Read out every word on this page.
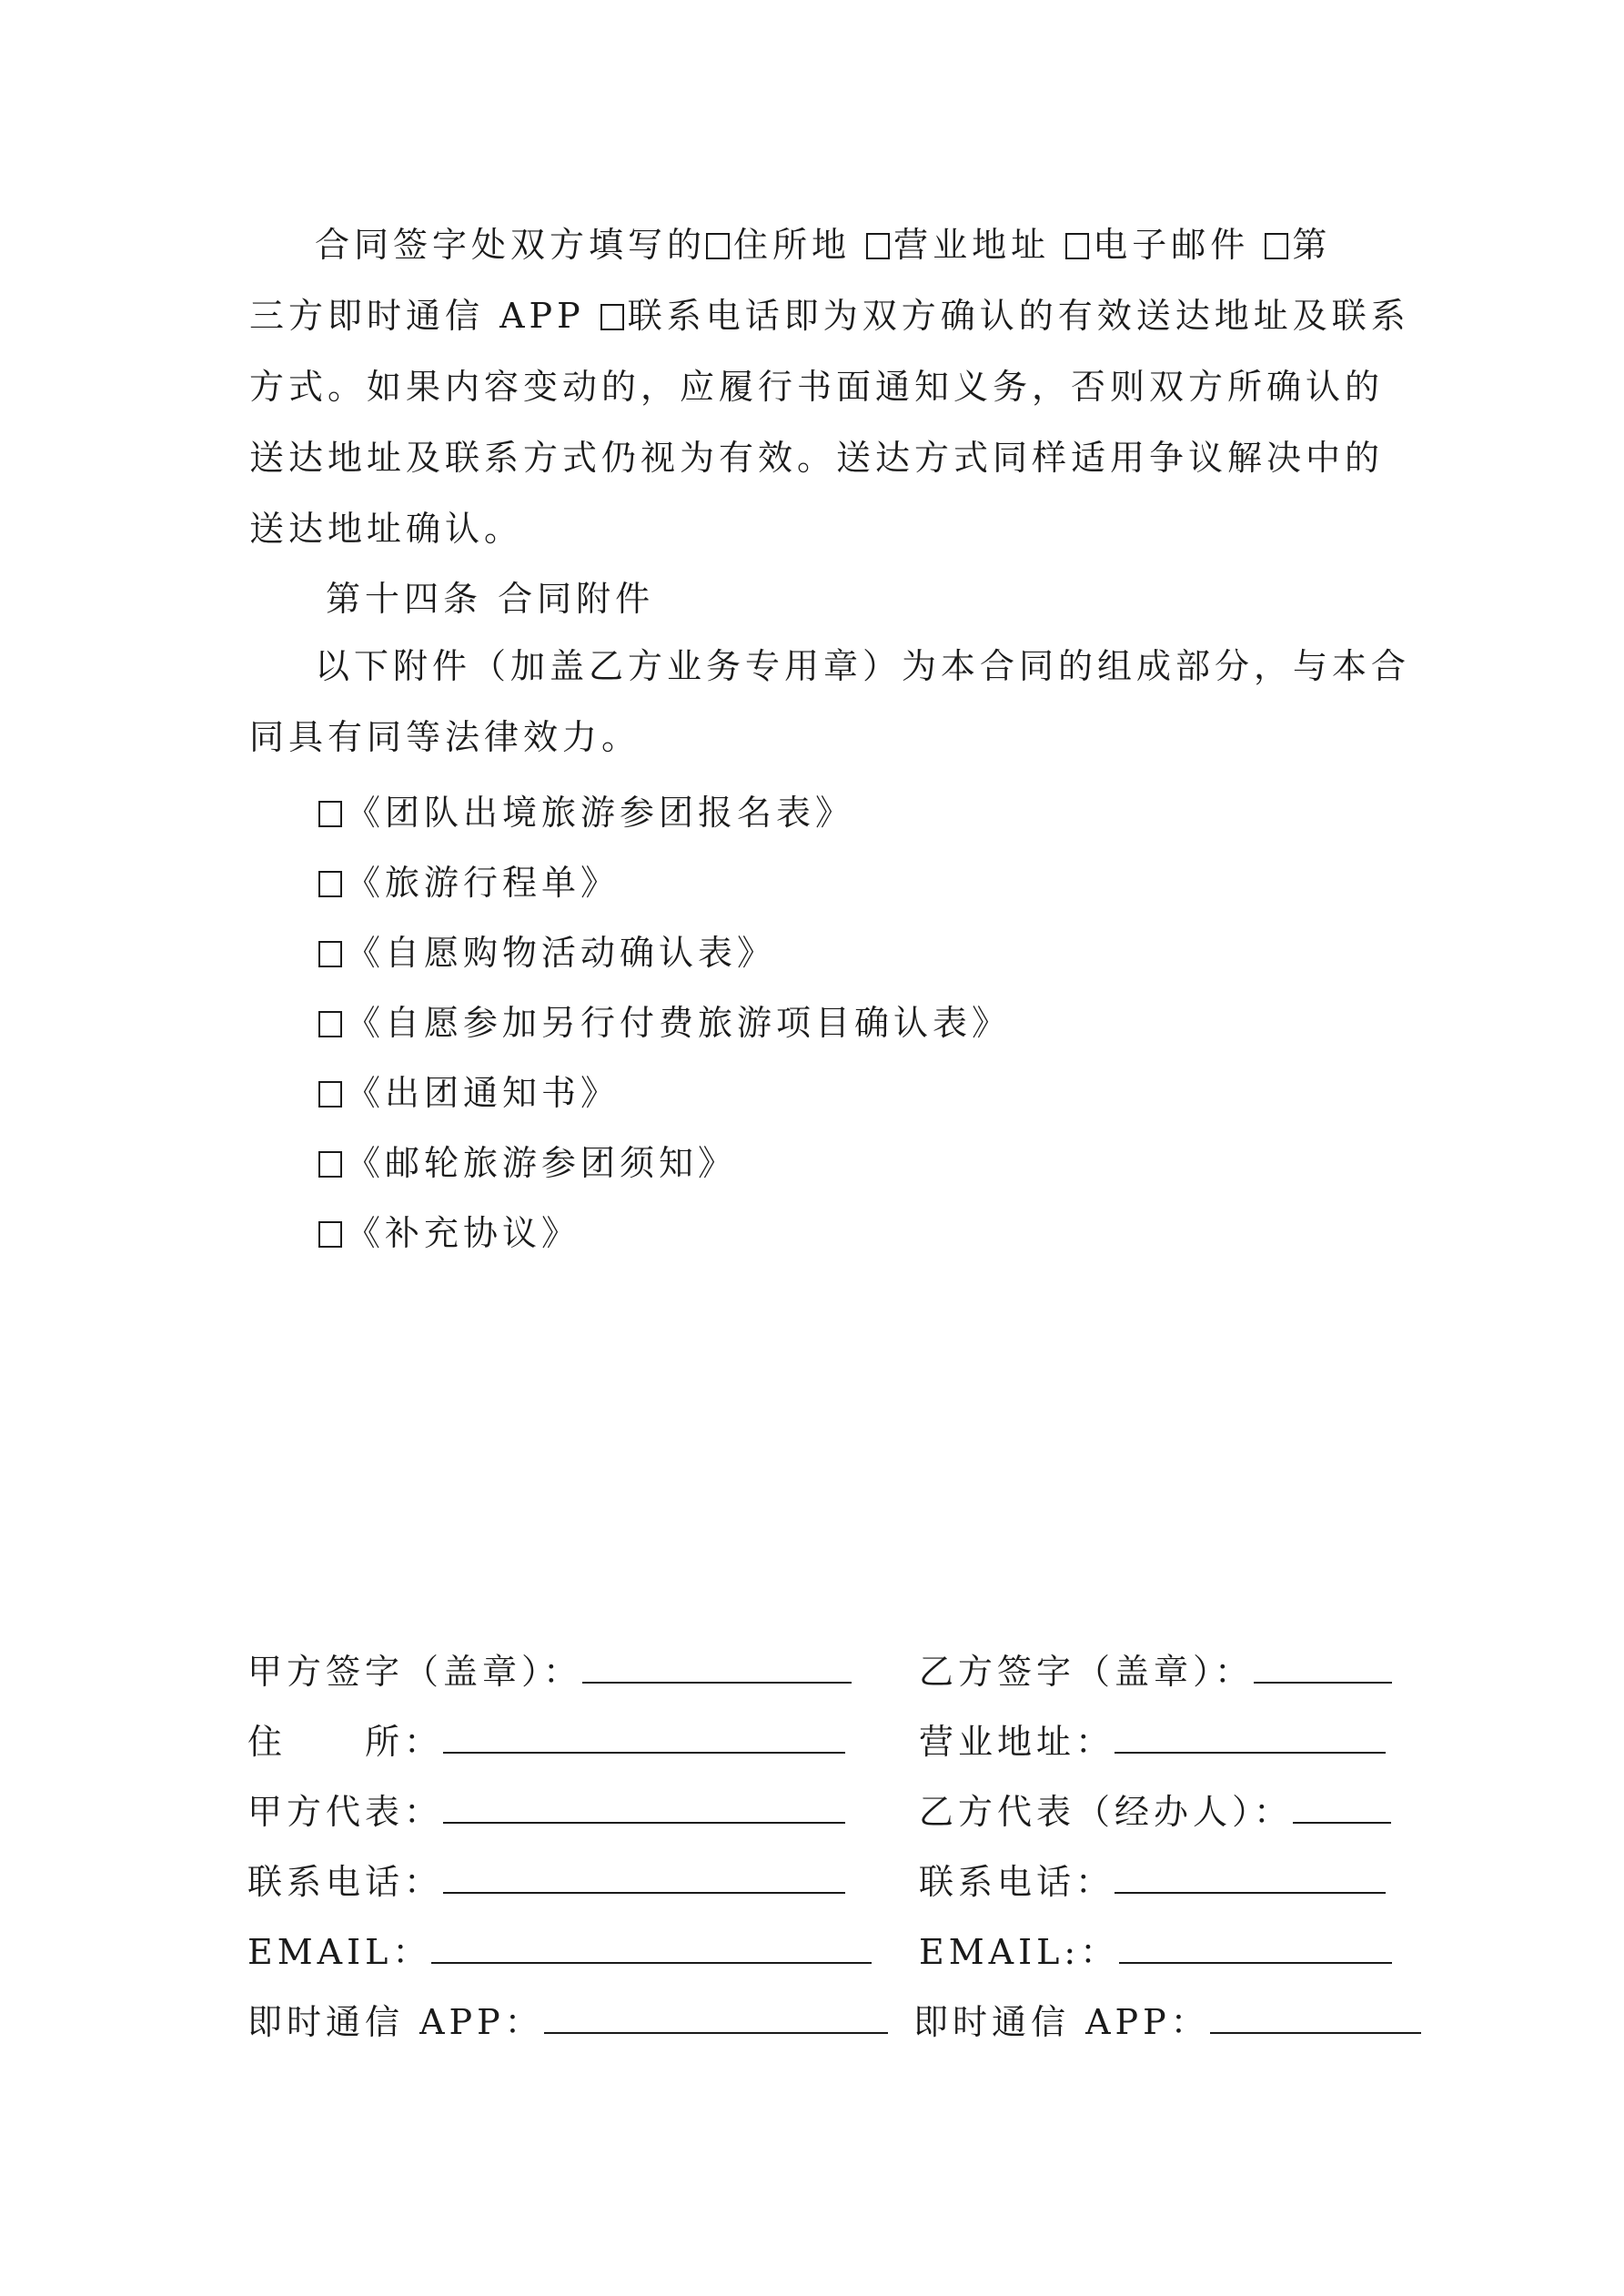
合同签字处双方填写的 住所地 营业地址 电子邮件 第
三方即时通信 APP 联系电话即为双方确认的有效送达地址及联系
方式。如果内容变动的，应履行书面通知义务，否则双方所确认的
送达地址及联系方式仍视为有效。送达方式同样适用争议解决中的
送达地址确认。
第十四条 合同附件
以下附件（加盖乙方业务专用章）为本合同的组成部分，与本合
同具有同等法律效力。
《团队出境旅游参团报名表》
《旅游行程单》
《自愿购物活动确认表》
《自愿参加另行付费旅游项目确认表》
《出团通知书》
《邮轮旅游参团须知》
《补充协议》
甲方签字（盖章）：
住　　所：
甲方代表：
联系电话：
EMAIL：
即时通信 APP：
乙方签字（盖章）：
营业地址：
乙方代表（经办人）：
联系电话：
EMAIL:：
即时通信 APP：
